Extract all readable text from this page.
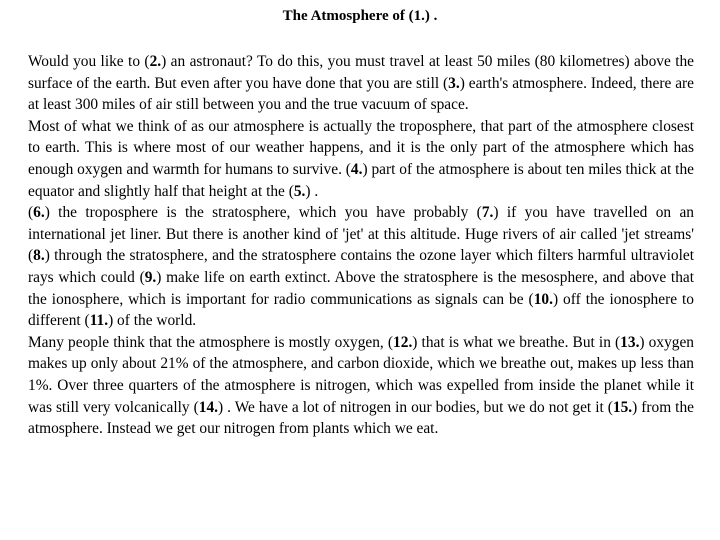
The Atmosphere of (1.) .

Would you like to (2.) an astronaut? To do this, you must travel at least 50 miles (80 kilometres) above the surface of the earth. But even after you have done that you are still (3.) earth's atmosphere. Indeed, there are at least 300 miles of air still between you and the true vacuum of space.

Most of what we think of as our atmosphere is actually the troposphere, that part of the atmosphere closest to earth. This is where most of our weather happens, and it is the only part of the atmosphere which has enough oxygen and warmth for humans to survive. (4.) part of the atmosphere is about ten miles thick at the equator and slightly half that height at the (5.) .

(6.) the troposphere is the stratosphere, which you have probably (7.) if you have travelled on an international jet liner. But there is another kind of 'jet' at this altitude. Huge rivers of air called 'jet streams' (8.) through the stratosphere, and the stratosphere contains the ozone layer which filters harmful ultraviolet rays which could (9.) make life on earth extinct. Above the stratosphere is the mesosphere, and above that the ionosphere, which is important for radio communications as signals can be (10.) off the ionosphere to different (11.) of the world.

Many people think that the atmosphere is mostly oxygen, (12.) that is what we breathe. But in (13.) oxygen makes up only about 21% of the atmosphere, and carbon dioxide, which we breathe out, makes up less than 1%. Over three quarters of the atmosphere is nitrogen, which was expelled from inside the planet while it was still very volcanically (14.) . We have a lot of nitrogen in our bodies, but we do not get it (15.) from the atmosphere. Instead we get our nitrogen from plants which we eat.
